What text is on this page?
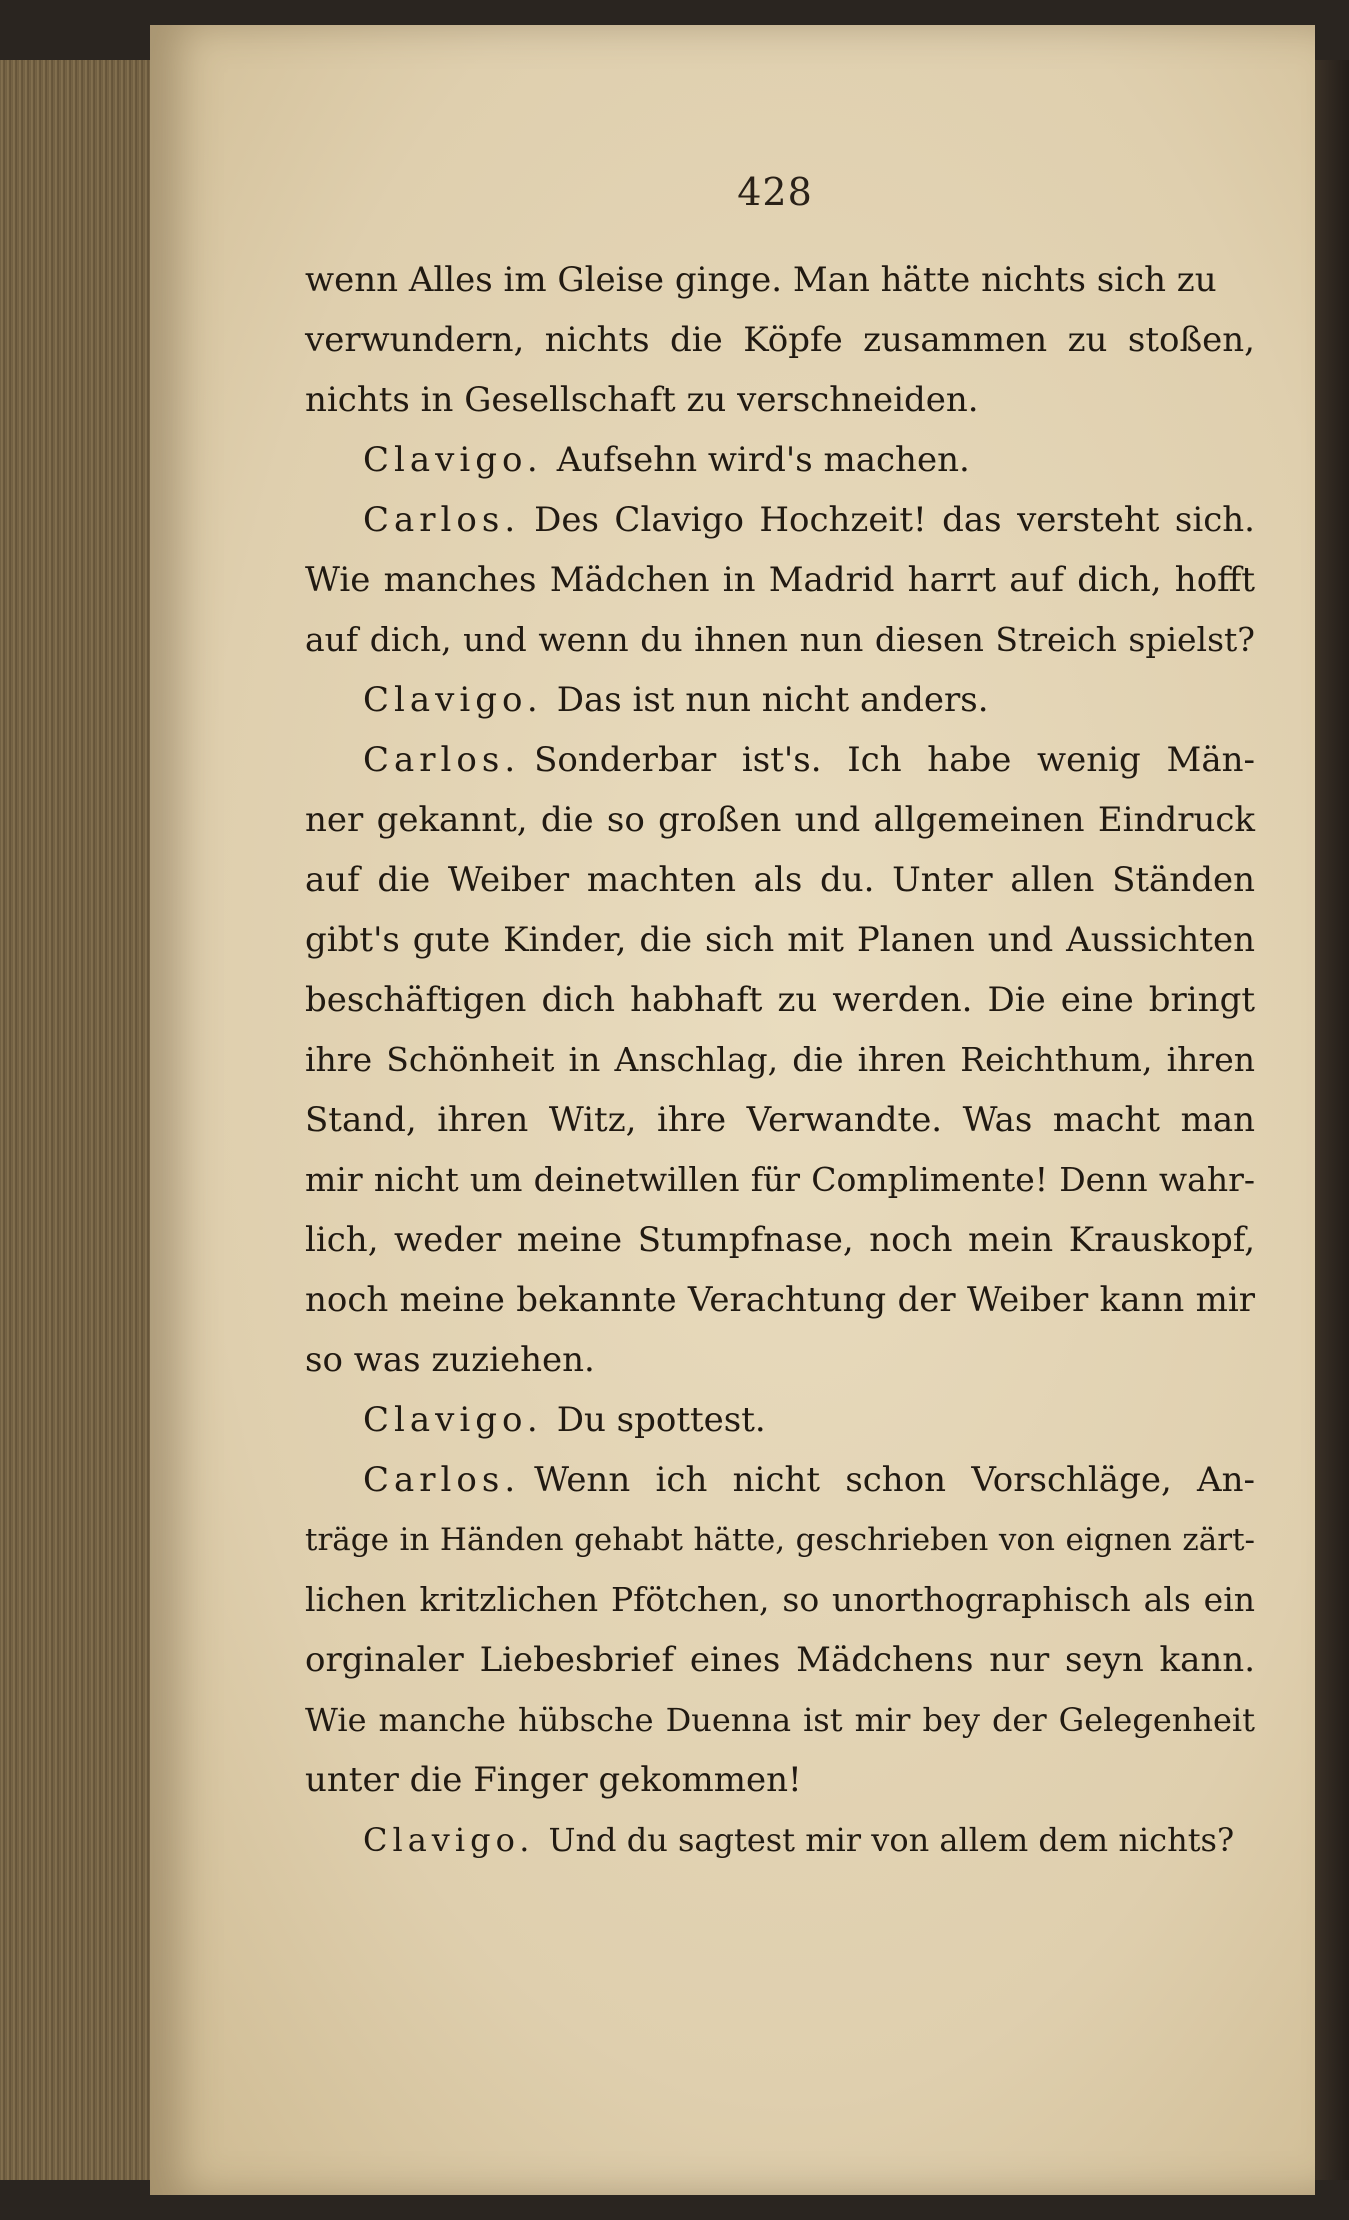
428
wenn Alles im Gleise ginge. Man hätte nichts sich zu
verwundern, nichts die Köpfe zusammen zu stoßen,
nichts in Gesellschaft zu verschneiden.
Clavigo. Aufsehn wird's machen.
Carlos. Des Clavigo Hochzeit! das versteht sich.
Wie manches Mädchen in Madrid harrt auf dich, hofft
auf dich, und wenn du ihnen nun diesen Streich spielst?
Clavigo. Das ist nun nicht anders.
Carlos. Sonderbar ist's. Ich habe wenig Män-
ner gekannt, die so großen und allgemeinen Eindruck
auf die Weiber machten als du. Unter allen Ständen
gibt's gute Kinder, die sich mit Planen und Aussichten
beschäftigen dich habhaft zu werden. Die eine bringt
ihre Schönheit in Anschlag, die ihren Reichthum, ihren
Stand, ihren Witz, ihre Verwandte. Was macht man
mir nicht um deinetwillen für Complimente! Denn wahr-
lich, weder meine Stumpfnase, noch mein Krauskopf,
noch meine bekannte Verachtung der Weiber kann mir
so was zuziehen.
Clavigo. Du spottest.
Carlos. Wenn ich nicht schon Vorschläge, An-
träge in Händen gehabt hätte, geschrieben von eignen zärt-
lichen kritzlichen Pfötchen, so unorthographisch als ein
orginaler Liebesbrief eines Mädchens nur seyn kann.
Wie manche hübsche Duenna ist mir bey der Gelegenheit
unter die Finger gekommen!
Clavigo. Und du sagtest mir von allem dem nichts?
